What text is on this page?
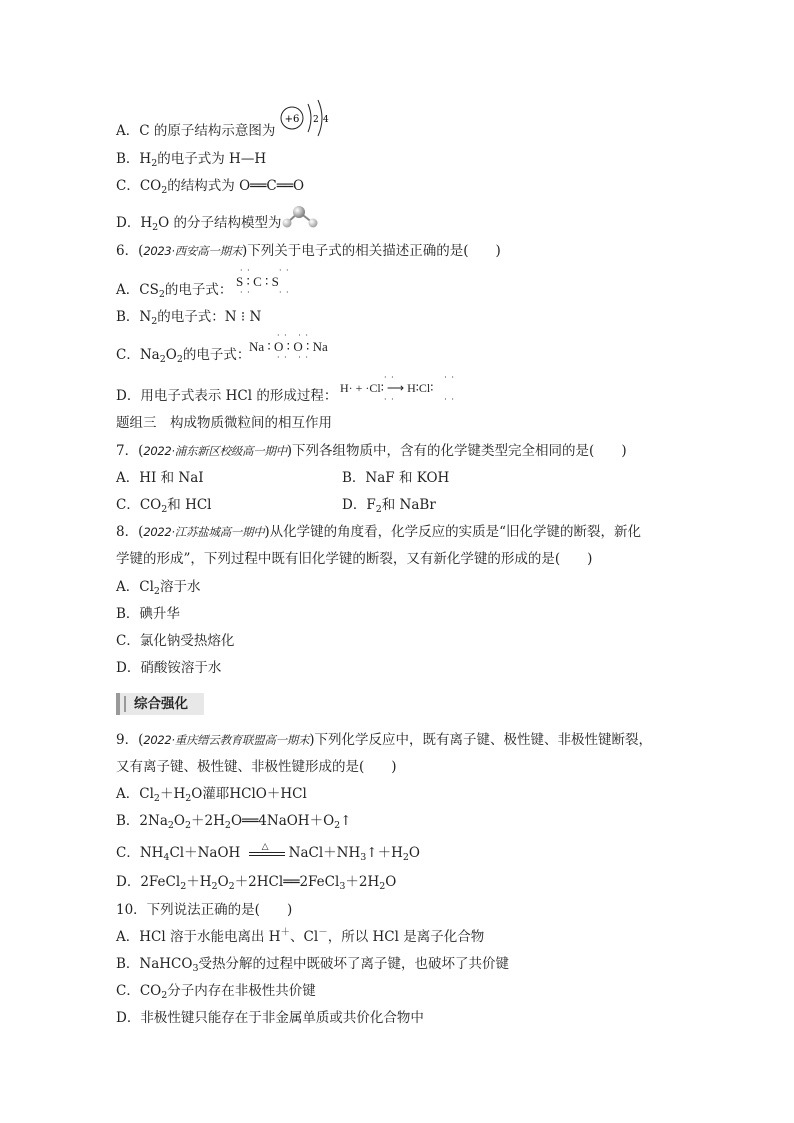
A．C 的原子结构示意图为
+6 2 4
B．$H_2$的电子式为 H—H
C．$CO_2$的结构式为 O══C══O
D．$H_2O$ 的分子结构模型为
6．(2023·西安高一期末)下列关于电子式的相关描述正确的是(　　)
A．$CS_2$的电子式：
· ·        · ·
S ∶ C ∶ S
· ·        · ·
B．$N_2$的电子式：N ⁝ N
C．$Na_2O_2$的电子式：
· ·   · ·
Na ∶ O ∶ O ∶ Na
· ·   · ·
D．用电子式表示 HCl 的形成过程：
· ·              · ·
H· + ·Cl∶ ⟶ H∶Cl∶
· ·              · ·
题组三　构成物质微粒间的相互作用
7．(2022·浦东新区校级高一期中)下列各组物质中，含有的化学键类型完全相同的是(　　)
A．HI 和 NaI	B．NaF 和 KOH
C．$CO_2$和 HCl	D．$F_2$和 NaBr
8．(2022·江苏盐城高一期中)从化学键的角度看，化学反应的实质是“旧化学键的断裂，新化
学键的形成”，下列过程中既有旧化学键的断裂，又有新化学键的形成的是(　　)
A．$Cl_2$溶于水
B．碘升华
C．氯化钠受热熔化
D．硝酸铵溶于水
综合强化
9．(2022·重庆缙云教育联盟高一期末)下列化学反应中，既有离子键、极性键、非极性键断裂，
又有离子键、极性键、非极性键形成的是(　　)
A．$Cl_2+H_2O$灌耶HClO＋HCl
B．$2Na_2O_2+2H_2O══4NaOH+O_2↑$
C．$NH_4Cl+NaOH$ △ $NaCl+NH_3↑+H_2O$
D．$2FeCl_2+H_2O_2+2HCl══2FeCl_3+2H_2O$
10．下列说法正确的是(　　)
A．HCl 溶于水能电离出 H＋、Cl－，所以 HCl 是离子化合物
B．NaHCO$_3$受热分解的过程中既破坏了离子键，也破坏了共价键
C．$CO_2$分子内存在非极性共价键
D．非极性键只能存在于非金属单质或共价化合物中
